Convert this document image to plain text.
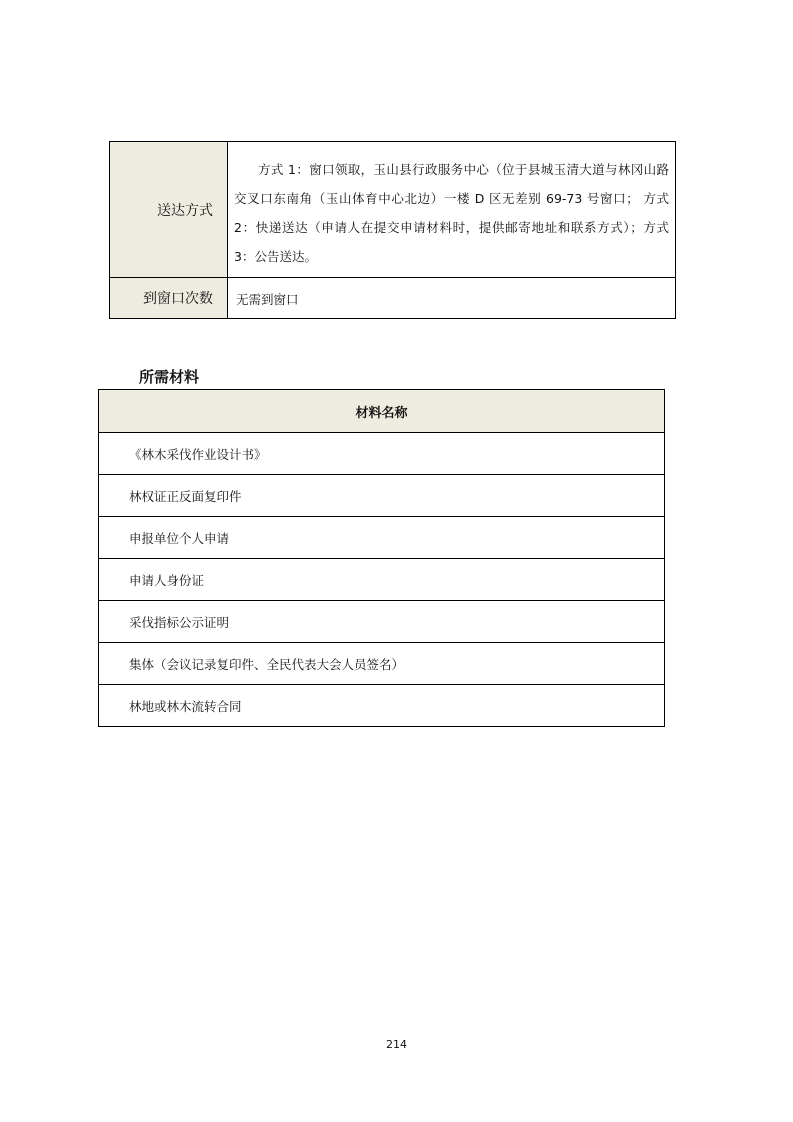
送达方式	方式 1：窗口领取，玉山县行政服务中心（位于县城玉清大道与林冈山路交叉口东南角（玉山体育中心北边）一楼 D 区无差别 69-73 号窗口； 方式 2：快递送达（申请人在提交申请材料时，提供邮寄地址和联系方式）；方式 3：公告送达。

到窗口次数	无需到窗口
所需材料
材料名称
《林木采伐作业设计书》
林权证正反面复印件
申报单位个人申请
申请人身份证
采伐指标公示证明
集体（会议记录复印件、全民代表大会人员签名）
林地或林木流转合同
214
